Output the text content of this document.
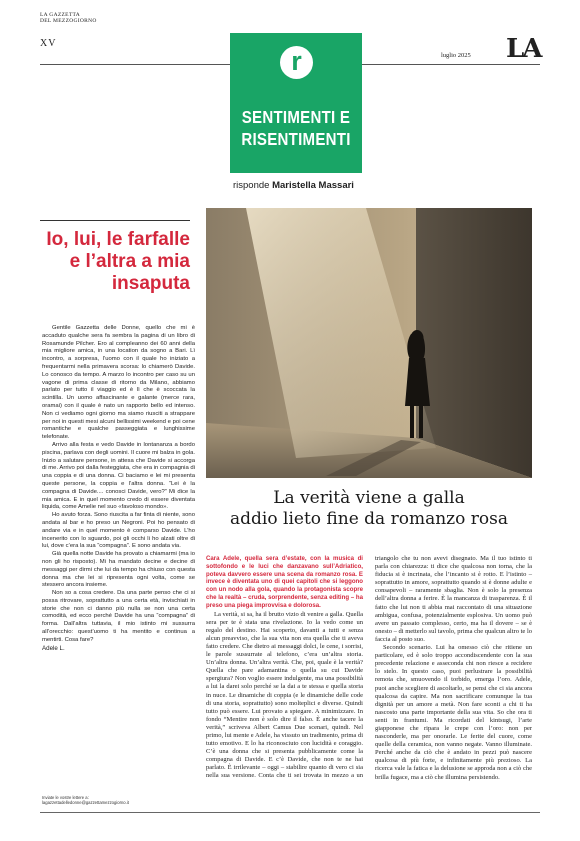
LA GAZZETTA
DEL MEZZOGIORNO
XV
luglio 2025 LA
r
SENTIMENTI E
RISENTIMENTI
risponde Maristella Massari
Io, lui, le farfalle e l’altra a mia insaputa

Gentile Gazzetta delle Donne, quello che mi è accaduto qualche sera fa sembra la pagina di un libro di Rosamunde Pilcher. Ero al compleanno dei 60 anni della mia migliore amica, in una location da sogno a Bari. Lì incontro, a sorpresa, l’uomo con il quale ho iniziato a frequentarmi nella primavera scorsa: lo chiamerò Davide. Lo conosco da tempo. A marzo lo incontro per caso su un vagone di prima classe di ritorno da Milano, abbiamo parlato per tutto il viaggio ed è lì che è scoccata la scintilla. Un uomo affascinante e galante (merce rara, oramai) con il quale è nato un rapporto bello ed intenso. Non ci vediamo ogni giorno ma siamo riusciti a strappare per noi in questi mesi alcuni bellissimi weekend e poi cene romantiche e qualche passeggiata e lunghissime telefonate.

Arrivo alla festa e vedo Davide in lontananza a bordo piscina, parlava con degli uomini. Il cuore mi balza in gola. Inizio a salutare persone, in attesa che Davide si accorga di me. Arrivo poi dalla festeggiata, che era in compagnia di una coppia e di una donna. Ci baciamo e lei mi presenta queste persone, la coppia e l’altra donna. “Lei è la compagna di Davide.... conosci Davide, vero?” Mi dice la mia amica. E in quel momento credo di essere diventata liquida, come Amelie nel suo «favoloso mondo».

Ho avuto forza. Sono riuscita a far finta di niente, sono andata al bar e ho preso un Negroni. Poi ho pensato di andare via e in quel momento è comparso Davide. L’ho incenerito con lo sguardo, poi gli occhi li ho alzati oltre di lui, dove c’era la sua “compagna”. E sono andata via.

Già quella notte Davide ha provato a chiamarmi (ma io non gli ho risposto). Mi ha mandato decine e decine di messaggi per dirmi che lui da tempo ha chiuso con questa donna ma che lei si ripresenta ogni volta, come se stessero ancora insieme.

Non so a cosa credere. Da una parte penso che ci si possa ritrovare, soprattutto a una certa età, invischiati in storie che non ci danno più nulla se non una certa comodità, ed ecco perché Davide ha una “compagna” di forma. Dall’altra tuttavia, il mio istinto mi sussurra all’orecchio: quest’uomo ti ha mentito e continua a mentirti. Cosa fare?

Adele L.

Inviate le vostre lettere a:
lagazzettadelledonne@gazzettamezzogiorno.it
La verità viene a galla
addio lieto fine da romanzo rosa

Cara Adele, quella sera d’estate, con la musica di sottofondo e le luci che danzavano sull’Adriatico, poteva davvero essere una scena da romanzo rosa. E invece è diventata uno di quei capitoli che si leggono con un nodo alla gola, quando la protagonista scopre che la realtà – cruda, sorprendente, senza editing – ha preso una piega improvvisa e dolorosa.

La verità, si sa, ha il brutto vizio di venire a galla. Quella sera per te è stata una rivelazione. Io la vedo come un regalo del destino. Hai scoperto, davanti a tutti e senza alcun preavviso, che la sua vita non era quella che ti aveva fatto credere. Che dietro ai messaggi dolci, le cene, i sorrisi, le parole sussurrate al telefono, c’era un’altra storia. Un’altra donna. Un’altra verità. Che, poi, quale è la verità? Quella che pare adamantina o quella su cui Davide spergiura? Non voglio essere indulgente, ma una possibilità a lui la darei solo perché se la dai a te stessa e quella storia in nuce. Le dinamiche di coppia (e le dinamiche delle code di una storia, soprattutto) sono molteplici e diverse. Quindi tutto può essere. Lui provato a spiegare. A minimizzare. In fondo “Mentire non è solo dire il falso. È anche tacere la verità,” scriveva Albert Camus Due scenari, quindi. Nel primo, lui mente e Adele, ha vissuto un tradimento, prima di tutto emotivo. E lo ha riconosciuto con lucidità e coraggio. C’è una donna che si presenta pubblicamente come la compagna di Davide. E c’è Davide, che non te ne hai parlato. È irrilevante – oggi – stabilire quanto di vero ci sia nella sua versione. Conta che ti sei trovata in mezzo a un triangolo che tu non avevi disegnato. Ma il tuo istinto ti parla con chiarezza: ti dice che qualcosa non torna, che la fiducia si è incrinata, che l’incanto si è rotto. E l’istinto – soprattutto in amore, soprattutto quando si è donne adulte e consapevoli – raramente sbaglia. Non è solo la presenza dell’altra donna a ferire. È la mancanza di trasparenza. È il fatto che lui non ti abbia mai raccontato di una situazione ambigua, confusa, potenzialmente esplosiva. Un uomo può avere un passato complesso, certo, ma ha il dovere – se è onesto – di metterlo sul tavolo, prima che qualcun altro te lo faccia al posto suo.

Secondo scenario. Lui ha omesso ciò che ritiene un particolare, ed è solo troppo accondiscendente con la sua precedente relazione e asseconda chi non riesce a recidere lo stelo. In questo caso, puoi perlustrare la possibilità remota che, smuovendo il torbido, emerga l’oro. Adele, puoi anche scegliere di ascoltarlo, se pensi che ci sia ancora qualcosa da capire. Ma non sacrificare comunque la tua dignità per un amore a metà. Non fare sconti a chi ti ha nascosto una parte importante della sua vita. So che ora ti senti in frantumi. Ma ricordati del kintsugi, l’arte giapponese che ripara le crepe con l’oro: non per nasconderle, ma per onorarle. Le ferite del cuore, come quelle della ceramica, non vanno negate. Vanno illuminate. Perché anche da ciò che è andato in pezzi può nascere qualcosa di più forte, e infinitamente più prezioso. La ricerca vale la fatica e la delusione se approda non a ciò che brilla fugace, ma a ciò che illumina persistendo.
